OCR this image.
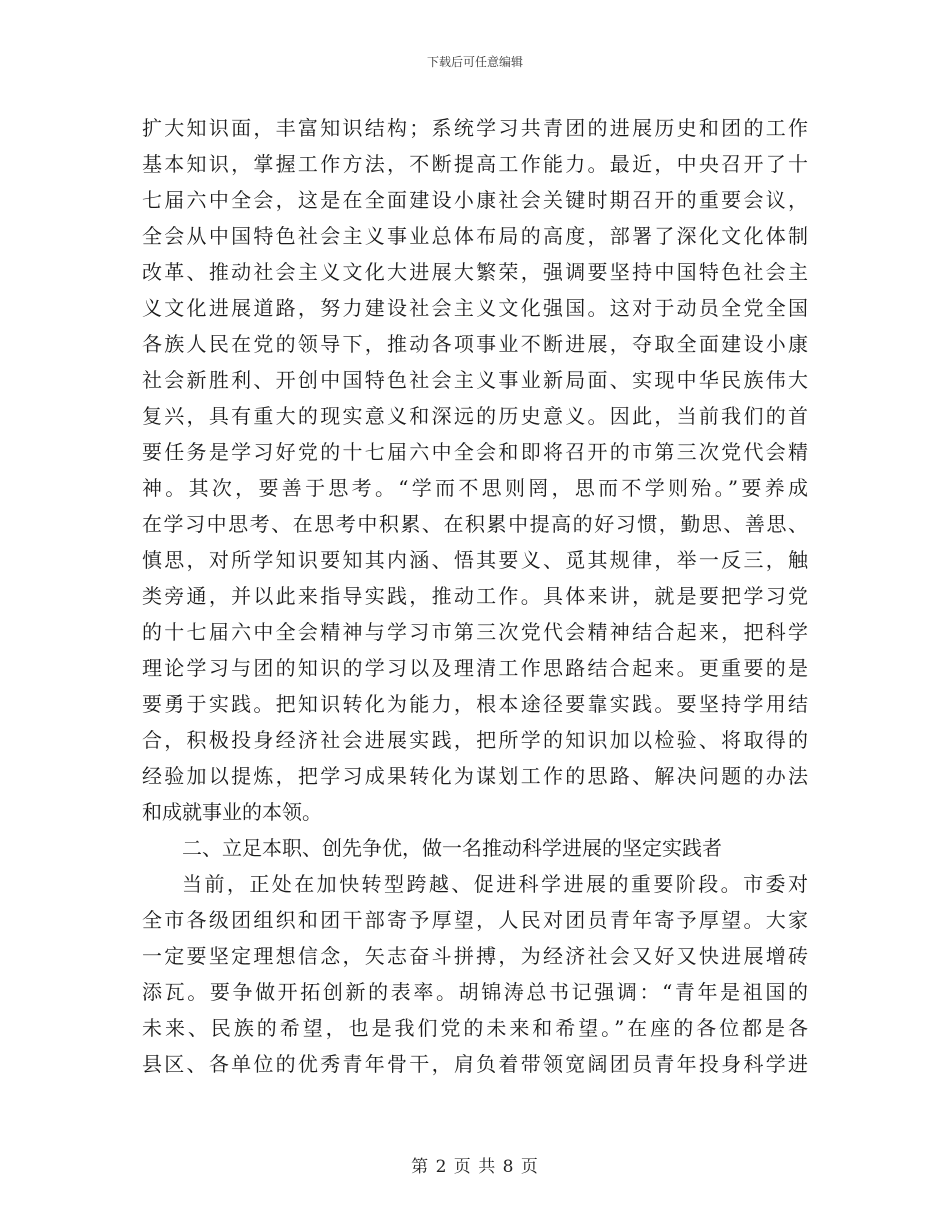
下载后可任意编辑
扩大知识面，丰富知识结构；系统学习共青团的进展历史和团的工作
基本知识，掌握工作方法，不断提高工作能力。最近，中央召开了十
七届六中全会，这是在全面建设小康社会关键时期召开的重要会议，
全会从中国特色社会主义事业总体布局的高度，部署了深化文化体制
改革、推动社会主义文化大进展大繁荣，强调要坚持中国特色社会主
义文化进展道路，努力建设社会主义文化强国。这对于动员全党全国
各族人民在党的领导下，推动各项事业不断进展，夺取全面建设小康
社会新胜利、开创中国特色社会主义事业新局面、实现中华民族伟大
复兴，具有重大的现实意义和深远的历史意义。因此，当前我们的首
要任务是学习好党的十七届六中全会和即将召开的市第三次党代会精
神。其次，要善于思考。“学而不思则罔，思而不学则殆。”要养成
在学习中思考、在思考中积累、在积累中提高的好习惯，勤思、善思、
慎思，对所学知识要知其内涵、悟其要义、觅其规律，举一反三，触
类旁通，并以此来指导实践，推动工作。具体来讲，就是要把学习党
的十七届六中全会精神与学习市第三次党代会精神结合起来，把科学
理论学习与团的知识的学习以及理清工作思路结合起来。更重要的是
要勇于实践。把知识转化为能力，根本途径要靠实践。要坚持学用结
合，积极投身经济社会进展实践，把所学的知识加以检验、将取得的
经验加以提炼，把学习成果转化为谋划工作的思路、解决问题的办法
和成就事业的本领。
二、立足本职、创先争优，做一名推动科学进展的坚定实践者
当前，正处在加快转型跨越、促进科学进展的重要阶段。市委对
全市各级团组织和团干部寄予厚望，人民对团员青年寄予厚望。大家
一定要坚定理想信念，矢志奋斗拼搏，为经济社会又好又快进展增砖
添瓦。要争做开拓创新的表率。胡锦涛总书记强调：“青年是祖国的
未来、民族的希望，也是我们党的未来和希望。”在座的各位都是各
县区、各单位的优秀青年骨干，肩负着带领宽阔团员青年投身科学进
第 2 页 共 8 页
